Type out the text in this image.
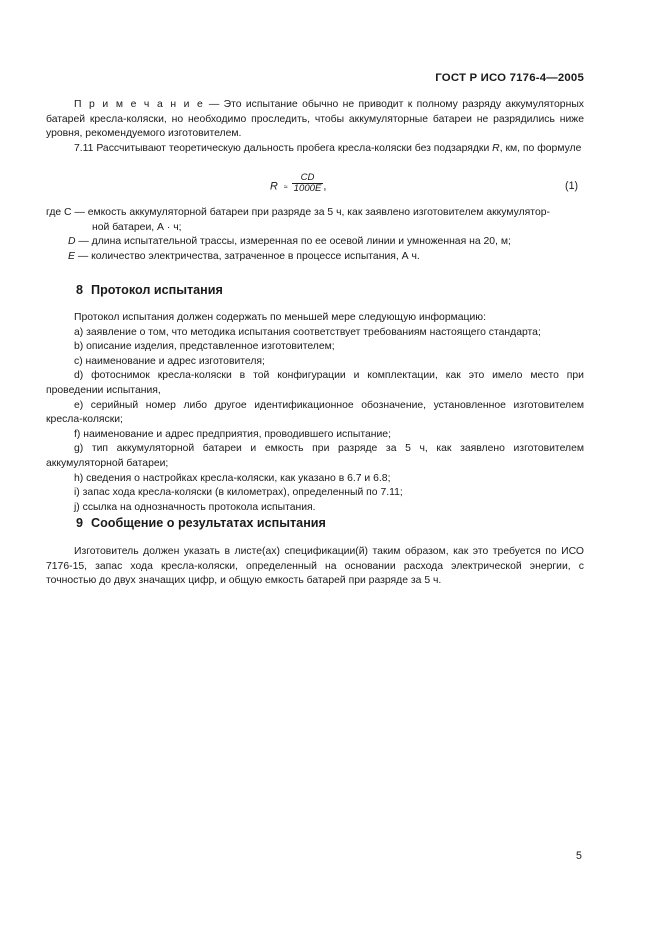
ГОСТ Р ИСО 7176-4—2005
П р и м е ч а н и е — Это испытание обычно не приводит к полному разряду аккумуляторных батарей кресла-коляски, но необходимо проследить, чтобы аккумуляторные батареи не разрядились ниже уровня, рекомендуемого изготовителем.
7.11 Рассчитывают теоретическую дальность пробега кресла-коляски без подзарядки R, км, по формуле
$R \approx \frac{CD}{1000E}$ ,	(1)
где С — емкость аккумуляторной батареи при разряде за 5 ч, как заявлено изготовителем аккумулятор-
ной батареи, А · ч;
D — длина испытательной трассы, измеренная по ее осевой линии и умноженная на 20, м;
E — количество электричества, затраченное в процессе испытания, А ч.
8 Протокол испытания
Протокол испытания должен содержать по меньшей мере следующую информацию:
a) заявление о том, что методика испытания соответствует требованиям настоящего стандарта;
b) описание изделия, представленное изготовителем;
c) наименование и адрес изготовителя;
d) фотоснимок кресла-коляски в той конфигурации и комплектации, как это имело место при проведении испытания,
e) серийный номер либо другое идентификационное обозначение, установленное изготовителем кресла-коляски;
f) наименование и адрес предприятия, проводившего испытание;
g) тип аккумуляторной батареи и емкость при разряде за 5 ч, как заявлено изготовителем аккумуляторной батареи;
h) сведения о настройках кресла-коляски, как указано в 6.7 и 6.8;
i) запас хода кресла-коляски (в километрах), определенный по 7.11;
j) ссылка на однозначность протокола испытания.
9 Сообщение о результатах испытания
Изготовитель должен указать в листе(ах) спецификации(й) таким образом, как это требуется по ИСО 7176-15, запас хода кресла-коляски, определенный на основании расхода электрической энергии, с точностью до двух значащих цифр, и общую емкость батарей при разряде за 5 ч.
5
